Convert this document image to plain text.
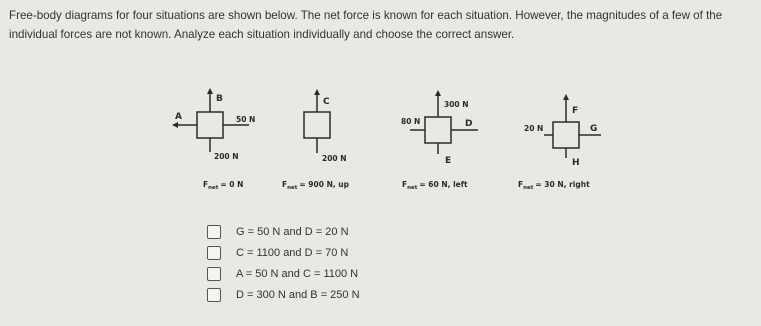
Free-body diagrams for four situations are shown below. The net force is known for each situation. However, the magnitudes of a few of the individual forces are not known. Analyze each situation individually and choose the correct answer.
B
A	50 N
200 N
C
200 N
300 N
80 N	D
E
F
20 N	G
H
$F_{net} = 0$ N	$F_{net} = 900$ N, up	$F_{net} = 60$ N, left	$F_{net} = 30$ N, right
G = 50 N and D = 20 N
C = 1100 and D = 70 N
A = 50 N and C = 1100 N
D = 300 N and B = 250 N
